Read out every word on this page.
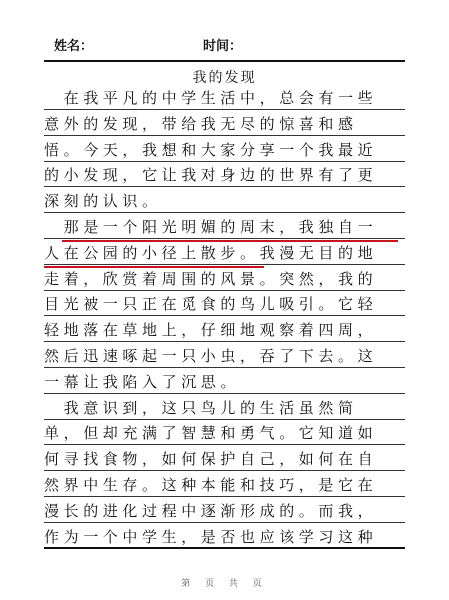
姓名：	时间：
我的发现
　在我平凡的中学生活中，总会有一些
意外的发现，带给我无尽的惊喜和感
悟。今天，我想和大家分享一个我最近
的小发现，它让我对身边的世界有了更
深刻的认识。
　那是一个阳光明媚的周末，我独自一
人在公园的小径上散步。我漫无目的地
走着，欣赏着周围的风景。突然，我的
目光被一只正在觅食的鸟儿吸引。它轻
轻地落在草地上，仔细地观察着四周，
然后迅速啄起一只小虫，吞了下去。这
一幕让我陷入了沉思。
　我意识到，这只鸟儿的生活虽然简
单，但却充满了智慧和勇气。它知道如
何寻找食物，如何保护自己，如何在自
然界中生存。这种本能和技巧，是它在
漫长的进化过程中逐渐形成的。而我，
作为一个中学生，是否也应该学习这种
第 页 共 页
